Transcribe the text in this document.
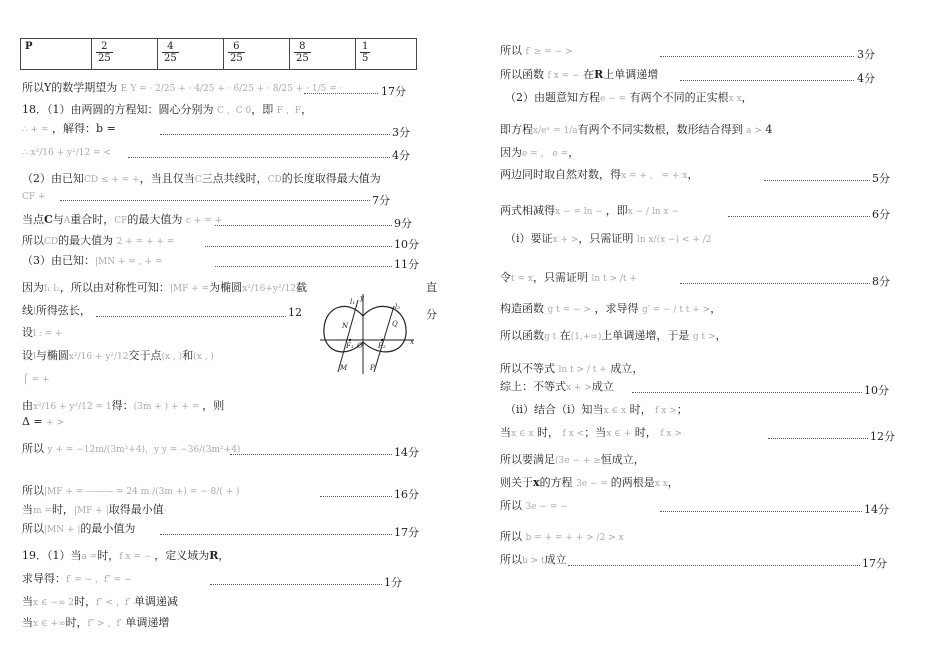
P	$\frac{2}{25}$	$\frac{4}{25}$	$\frac{6}{25}$	$\frac{8}{25}$	$\frac{1}{5}$
所以Y的数学期望为 E Y = · 2/25 + · 4/25 + · 6/25 + · 8/25 + · 1/5 = ·	17分
18．（1）由两圆的方程知：圆心分别为 C ，C 0，即 F ，F，
∴ + = ，解得：b =	3分
∴ x²/16 + y²/12 = <	4分
（2）由已知CD ≤ + = +，当且仅当C三点共线时，CD的长度取得最大值为
CF +	7分
当点C与A重合时，CF的最大值为 c + = +	9分
所以CD的最大值为 2 + = + + =	10分
（3）由已知：|MN + = , + =	11分
因为l₁ l₂，所以由对称性可知：|MF + =为椭圆x²/16+y²/12截	直
线l所得弦长，	12	分
设l : = +
设l与椭圆x²/16 + y²/12交于点(x , )和(x , )
⎧ = +
由x²/16 + y²/12 = 1得：(3m + ) + + = ，则
Δ = + >
所以 y + = −12m/(3m²+4)，y y = −36/(3m²+4)	14分
所以|MF + = ——— = 24 m /(3m +) = − 8/( + )	16分
当m =时，|MF + |取得最小值·
所以|MN + |的最小值为	17分
19．（1）当a =时，f x = − ，定义域为R，
求导得：f′ = − ，f″ = −	1分
当x ∈ −∞ 2时，f″ < ，f′ 单调递减
当x ∈ +∞时，f″ > ，f′ 单调递增
l₁ y
l₂
N	Q
F₁ O F₂	x
M	P
所以 f′ ≥ = − >	3分
所以函数 f x = − 在R上单调递增	4分
（2）由题意知方程e − = 有两个不同的正实根x x，
即方程x/eˣ = 1/a有两个不同实数根，数形结合得到 a > 4
因为e = ， e =，
两边同时取自然对数，得x = + ， = + x，	5分
两式相减得x − = ln − ，即x − / ln x −	6分
（i）要证x + >，只需证明 ln x/(x −) < + /2
令t = x，只需证明 ln t > /t +	8分
构造函数 g t = − > ，求导得 g′ = − / t t + >，
所以函数g t 在(1,+∞)上单调递增，于是 g t >，
所以不等式 ln t > / t + 成立，
综上：不等式x + >成立	10分
（ii）结合（i）知当x ∈ x 时， f x >；
当x ∈ x 时， f x <；当x ∈ + 时， f x >	12分
所以要满足(3e − + ≥恒成立，
则关于x的方程 3e − = 的两根是x x，
所以 3e − = −	14分
所以 b = + = + + > /2 > x
所以b > t成立	17分
